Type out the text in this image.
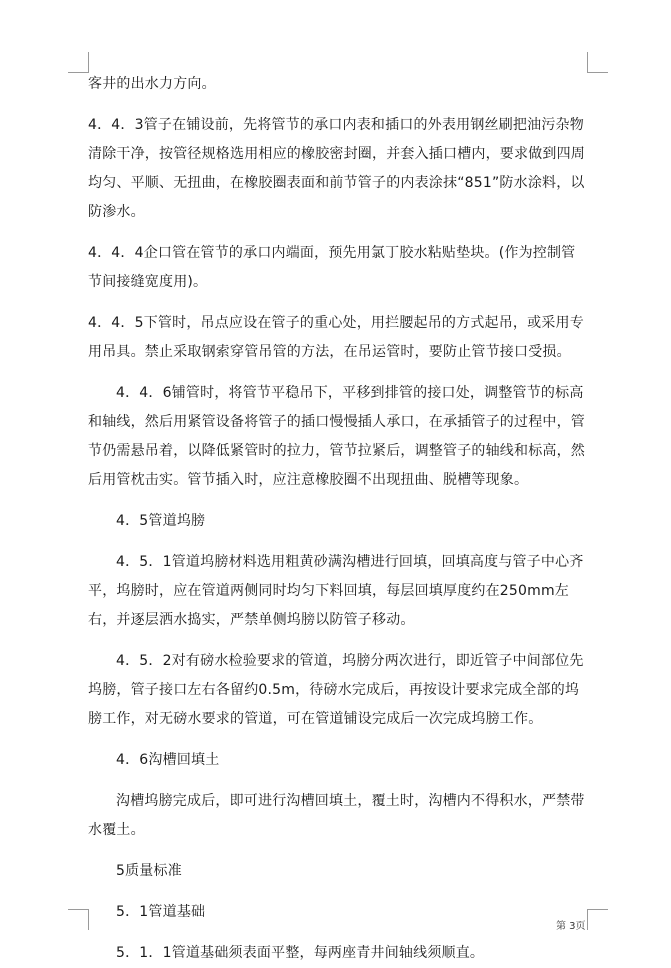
客井的出水力方向。

4．4．3管子在铺设前，先将管节的承口内表和插口的外表用钢丝刷把油污杂物清除干净，按管径规格选用相应的橡胶密封圈，并套入插口槽内，要求做到四周均匀、平顺、无扭曲，在橡胶圈表面和前节管子的内表涂抹“851”防水涂料，以防渗水。

4．4．4企口管在管节的承口内端面，预先用氯丁胶水粘贴垫块。(作为控制管节间接缝宽度用)。

4．4．5下管时，吊点应设在管子的重心处，用拦腰起吊的方式起吊，或采用专用吊具。禁止采取钢索穿管吊管的方法，在吊运管时，要防止管节接口受损。

4．4．6铺管时，将管节平稳吊下，平移到排管的接口处，调整管节的标高和轴线，然后用紧管设备将管子的插口慢慢插人承口，在承插管子的过程中，管节仍需悬吊着，以降低紧管时的拉力，管节拉紧后，调整管子的轴线和标高，然后用管枕击实。管节插入时，应注意橡胶圈不出现扭曲、脱槽等现象。

4．5管道坞膀

4．5．1管道坞膀材料选用粗黄砂满沟槽进行回填，回填高度与管子中心齐平，坞膀时，应在管道两侧同时均匀下料回填，每层回填厚度约在250mm左右，并逐层洒水捣实，严禁单侧坞膀以防管子移动。

4．5．2对有磅水检验要求的管道，坞膀分两次进行，即近管子中间部位先坞膀，管子接口左右各留约0.5m，待磅水完成后，再按设计要求完成全部的坞膀工作，对无磅水要求的管道，可在管道铺设完成后一次完成坞膀工作。

4．6沟槽回填土

沟槽坞膀完成后，即可进行沟槽回填土，覆土时，沟槽内不得积水，严禁带水覆土。

5质量标准

5．1管道基础

5．1．1管道基础须表面平整，每两座青井间轴线须顺直。

第 3页
